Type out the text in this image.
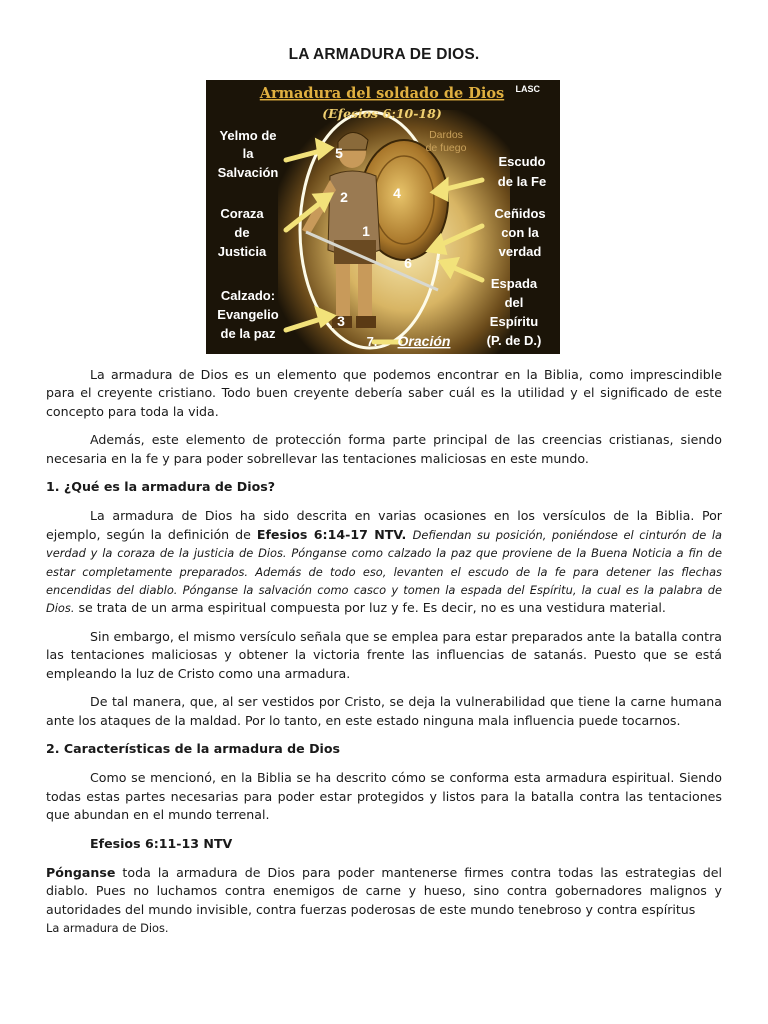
LA ARMADURA DE DIOS.
Armadura del soldado de Dios
(Efesios 6:10-18)
LASC
Dardos
de fuego
Yelmo de
la
Salvación
Coraza
de
Justicia
Calzado:
Evangelio
de la paz
Escudo
de la Fe
Ceñidos
con la
verdad
Espada
del
Espíritu
(P. de D.)
5
2
3
4
1
6
7. Oración

La armadura de Dios es un elemento que podemos encontrar en la Biblia, como imprescindible para el creyente cristiano. Todo buen creyente debería saber cuál es la utilidad y el significado de este concepto para toda la vida.

Además, este elemento de protección forma parte principal de las creencias cristianas, siendo necesaria en la fe y para poder sobrellevar las tentaciones maliciosas en este mundo.

1. ¿Qué es la armadura de Dios?

La armadura de Dios ha sido descrita en varias ocasiones en los versículos de la Biblia. Por ejemplo, según la definición de Efesios 6:14-17 NTV. Defiendan su posición, poniéndose el cinturón de la verdad y la coraza de la justicia de Dios. Pónganse como calzado la paz que proviene de la Buena Noticia a fin de estar completamente preparados. Además de todo eso, levanten el escudo de la fe para detener las flechas encendidas del diablo. Pónganse la salvación como casco y tomen la espada del Espíritu, la cual es la palabra de Dios. se trata de un arma espiritual compuesta por luz y fe. Es decir, no es una vestidura material.

Sin embargo, el mismo versículo señala que se emplea para estar preparados ante la batalla contra las tentaciones maliciosas y obtener la victoria frente las influencias de satanás. Puesto que se está empleando la luz de Cristo como una armadura.

De tal manera, que, al ser vestidos por Cristo, se deja la vulnerabilidad que tiene la carne humana ante los ataques de la maldad. Por lo tanto, en este estado ninguna mala influencia puede tocarnos.

2. Características de la armadura de Dios

Como se mencionó, en la Biblia se ha descrito cómo se conforma esta armadura espiritual. Siendo todas estas partes necesarias para poder estar protegidos y listos para la batalla contra las tentaciones que abundan en el mundo terrenal.

Efesios 6:11-13 NTV

Pónganse toda la armadura de Dios para poder mantenerse firmes contra todas las estrategias del diablo. Pues no luchamos contra enemigos de carne y hueso, sino contra gobernadores malignos y autoridades del mundo invisible, contra fuerzas poderosas de este mundo tenebroso y contra espíritus

La armadura de Dios.
